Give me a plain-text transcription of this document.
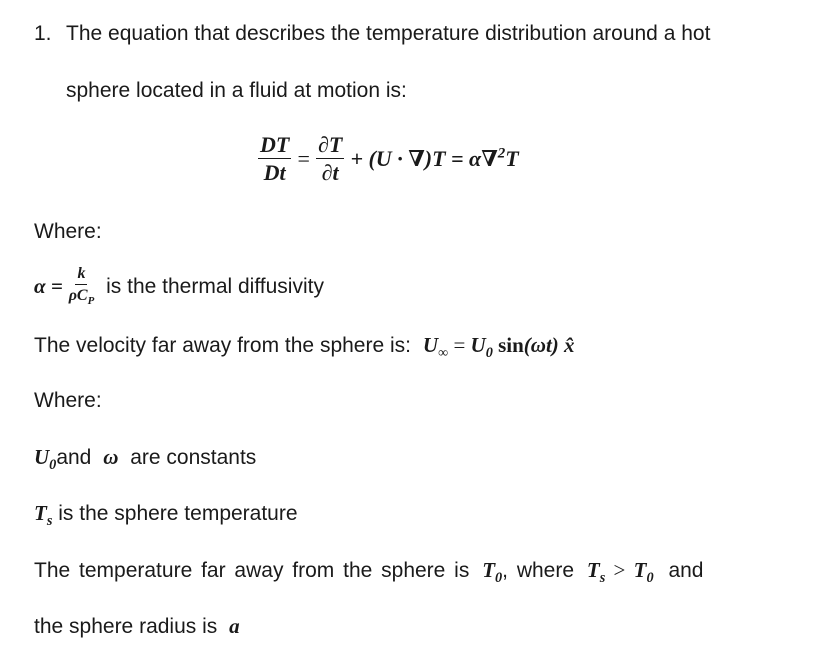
1. The equation that describes the temperature distribution around a hot
sphere located in a fluid at motion is:
$\frac{DT}{Dt} = \frac{\partial T}{\partial t} + (U \cdot \nabla)T = \alpha\nabla^2T$
Where:
$\alpha = \frac{k}{\rho C_P}$ is the thermal diffusivity
The velocity far away from the sphere is: $U_\infty = U_0$ sin(ωt) x̂
Where:
$U_0and$ ω are constants
$T_s$ is the sphere temperature
The temperature far away from the sphere is $T_0$, where $T_s > T_0$ and
the sphere radius is a
